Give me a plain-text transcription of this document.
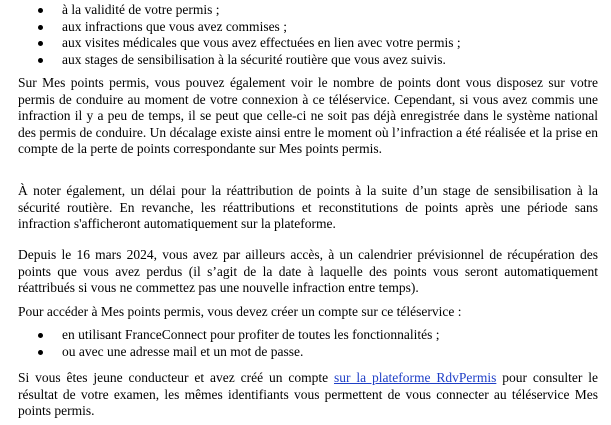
à la validité de votre permis ;
aux infractions que vous avez commises ;
aux visites médicales que vous avez effectuées en lien avec votre permis ;
aux stages de sensibilisation à la sécurité routière que vous avez suivis.

Sur Mes points permis, vous pouvez également voir le nombre de points dont vous disposez sur votre permis de conduire au moment de votre connexion à ce téléservice. Cependant, si vous avez commis une infraction il y a peu de temps, il se peut que celle-ci ne soit pas déjà enregistrée dans le système national des permis de conduire. Un décalage existe ainsi entre le moment où l’infraction a été réalisée et la prise en compte de la perte de points correspondante sur Mes points permis.

À noter également, un délai pour la réattribution de points à la suite d’un stage de sensibilisation à la sécurité routière. En revanche, les réattributions et reconstitutions de points après une période sans infraction s'afficheront automatiquement sur la plateforme.

Depuis le 16 mars 2024, vous avez par ailleurs accès, à un calendrier prévisionnel de récupération des points que vous avez perdus (il s’agit de la date à laquelle des points vous seront automatiquement réattribués si vous ne commettez pas une nouvelle infraction entre temps).

Pour accéder à Mes points permis, vous devez créer un compte sur ce téléservice :

en utilisant FranceConnect pour profiter de toutes les fonctionnalités ;
ou avec une adresse mail et un mot de passe.

Si vous êtes jeune conducteur et avez créé un compte sur la plateforme RdvPermis pour consulter le résultat de votre examen, les mêmes identifiants vous permettent de vous connecter au téléservice Mes points permis.
